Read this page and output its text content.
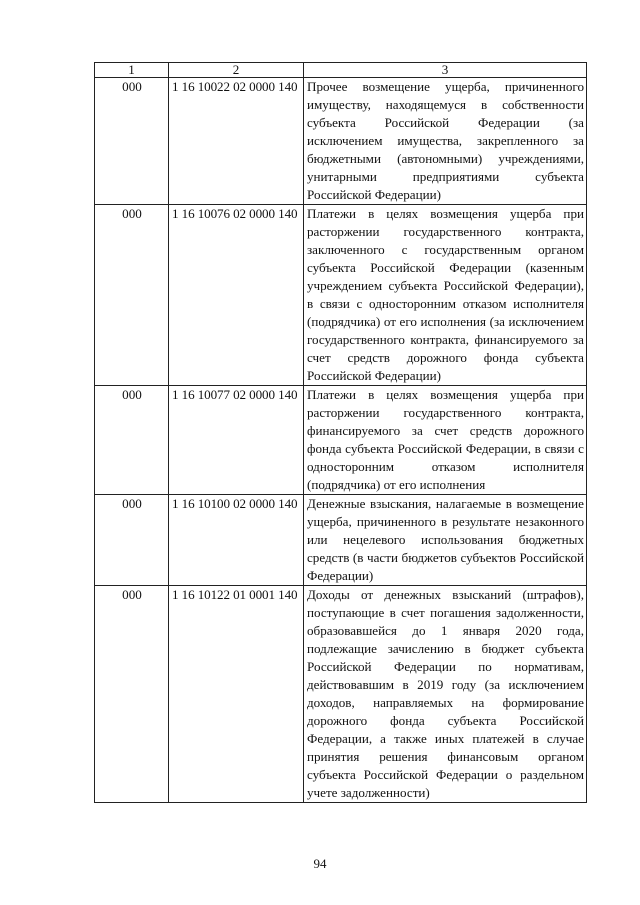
1	2	3
000	1 16 10022 02 0000 140	Прочее возмещение ущерба, причиненного имуществу, находящемуся в собственности субъекта Российской Федерации (за исключением имущества, закрепленного за бюджетными (автономными) учреждениями, унитарными предприятиями субъекта Российской Федерации)
000	1 16 10076 02 0000 140	Платежи в целях возмещения ущерба при расторжении государственного контракта, заключенного с государственным органом субъекта Российской Федерации (казенным учреждением субъекта Российской Федерации), в связи с односторонним отказом исполнителя (подрядчика) от его исполнения (за исключением государственного контракта, финансируемого за счет средств дорожного фонда субъекта Российской Федерации)
000	1 16 10077 02 0000 140	Платежи в целях возмещения ущерба при расторжении государственного контракта, финансируемого за счет средств дорожного фонда субъекта Российской Федерации, в связи с односторонним отказом исполнителя (подрядчика) от его исполнения
000	1 16 10100 02 0000 140	Денежные взыскания, налагаемые в возмещение ущерба, причиненного в результате незаконного или нецелевого использования бюджетных средств (в части бюджетов субъектов Российской Федерации)
000	1 16 10122 01 0001 140	Доходы от денежных взысканий (штрафов), поступающие в счет погашения задолженности, образовавшейся до 1 января 2020 года, подлежащие зачислению в бюджет субъекта Российской Федерации по нормативам, действовавшим в 2019 году (за исключением доходов, направляемых на формирование дорожного фонда субъекта Российской Федерации, а также иных платежей в случае принятия решения финансовым органом субъекта Российской Федерации о раздельном учете задолженности)
94
